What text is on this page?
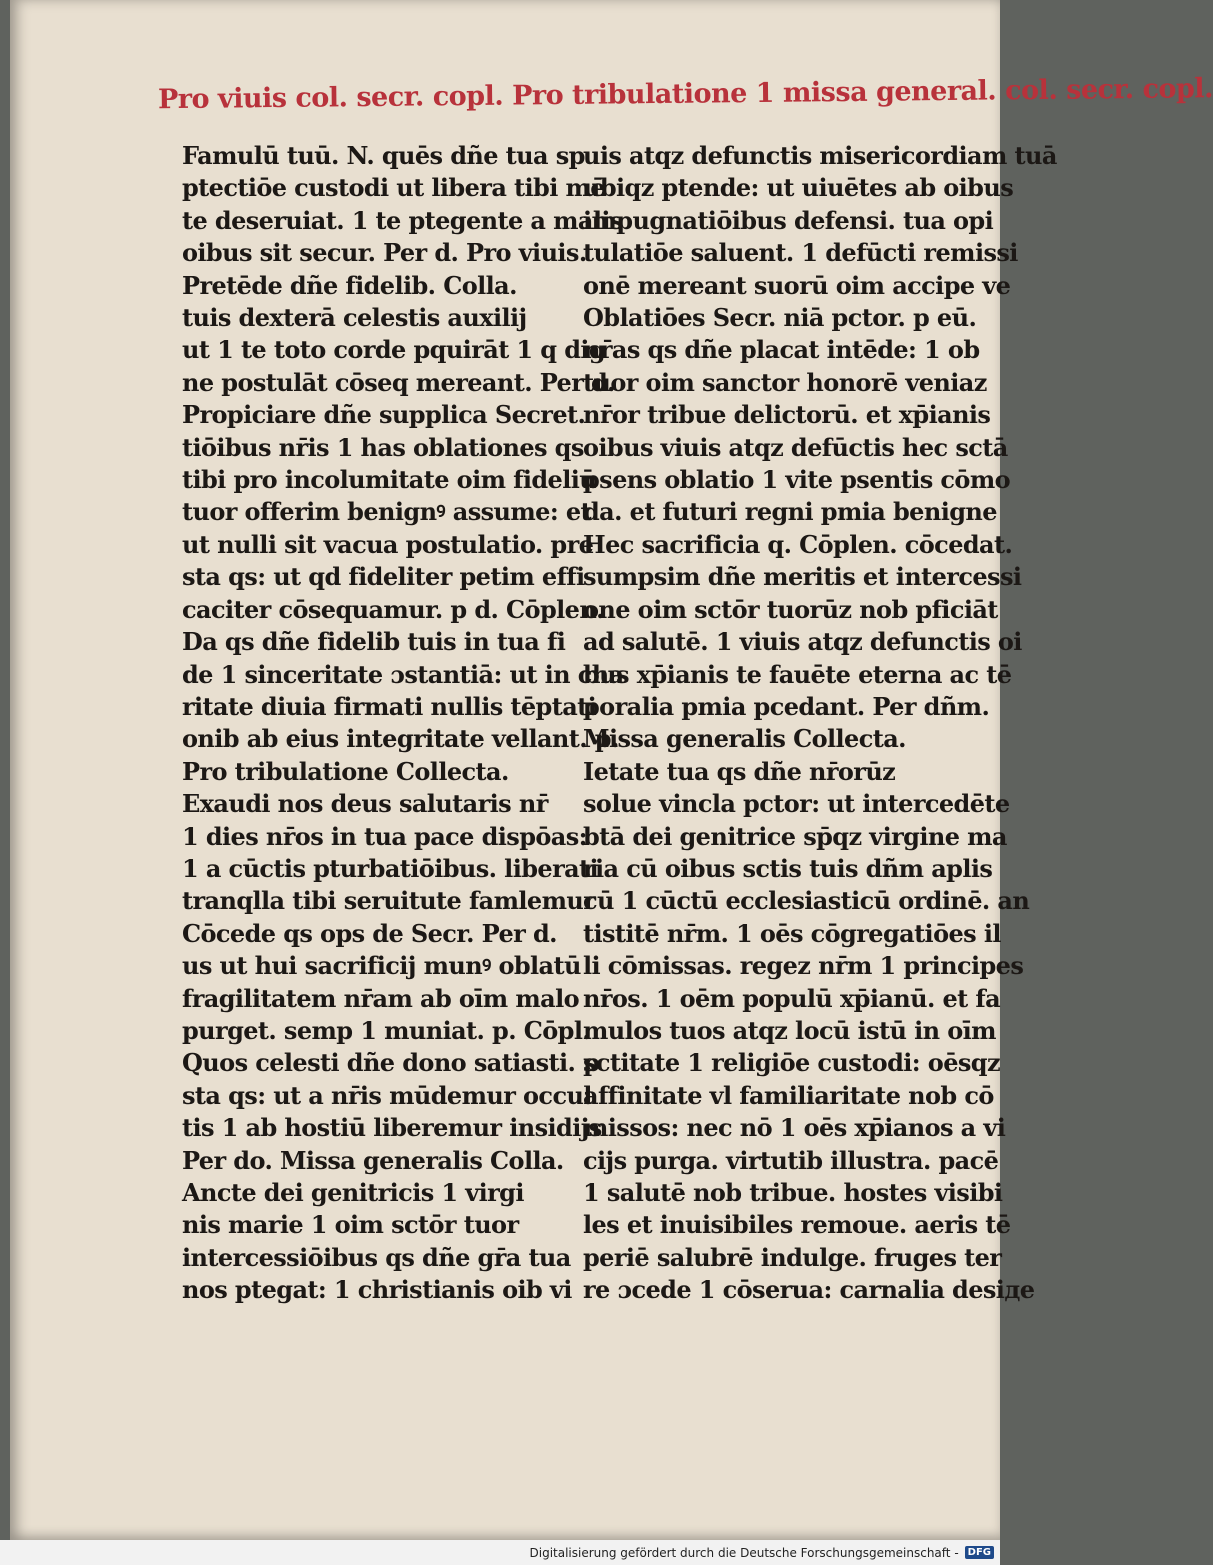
Pro viuis col. secr. copl. Pro tribulatione 1 missa general. col. secr. copl.
Famulū tuū. N. quēs dñe tua sp
ptectiōe custodi ut libera tibi mē
te deseruiat. 1 te ptegente a malis
oibus sit secur. Per d. Pro viuis.
Pretēde dñe fidelib. Colla.
tuis dexterā celestis auxilij
ut 1 te toto corde pquirāt 1 q dig
ne postulāt cōseq mereant. Per d.
Propiciare dñe supplica Secret.
tiōibus nr̄is 1 has oblationes qs
tibi pro incolumitate oim fideliū
tuor offerim benignꝰ assume: et
ut nulli sit vacua postulatio. pre
sta qs: ut qd fideliter petim effi
caciter cōsequamur. p d. Cōplen.
Da qs dñe fidelib tuis in tua fi
de 1 sinceritate ɔstantiā: ut in cha
ritate diuia firmati nullis tēptati
onib ab eius integritate vellant. p.
Pro tribulatione Collecta.
Exaudi nos deus salutaris nr̄
1 dies nr̄os in tua pace dispōas:
1 a cūctis pturbatiōibus. liberati
tranqlla tibi seruitute famlemur
Cōcede qs ops de Secr. Per d.
us ut hui sacrificij munꝰ oblatū
fragilitatem nr̄am ab oīm malo
purget. semp 1 muniat. p. Cōpl.
Quos celesti dñe dono satiasti. p
sta qs: ut a nr̄is mūdemur occul
tis 1 ab hostiū liberemur insidijs
Per do. Missa generalis Colla.
Ancte dei genitricis 1 virgi
nis marie 1 oim sctōr tuor
intercessiōibus qs dñe gr̄a tua
nos ptegat: 1 christianis oib vi
uis atqz defunctis misericordiam tuā
ubiqz ptende: ut uiuētes ab oibus
impugnatiōibus defensi. tua opi
tulatiōe saluent. 1 defūcti remissi
onē mereant suorū oim accipe ve
Oblatiōes Secr. niā pctor. p eū.
nr̄as qs dñe placat intēde: 1 ob
tuor oim sanctor honorē veniaz
nr̄or tribue delictorū. et xp̄ianis
oibus viuis atqz defūctis hec sctā
psens oblatio 1 vite psentis cōmo
da. et futuri regni pmia benigne
Hec sacrificia q. Cōplen. cōcedat.
sumpsim dñe meritis et intercessi
one oim sctōr tuorūz nob pficiāt
ad salutē. 1 viuis atqz defunctis oi
bus xp̄ianis te fauēte eterna ac tē
poralia pmia pcedant. Per dñm.
Missa generalis Collecta.
Ietate tua qs dñe nr̄orūz
solue vincla pctor: ut intercedēte
btā dei genitrice sp̄qz virgine ma
ria cū oibus sctis tuis dñm aplis
cū 1 cūctū ecclesiasticū ordinē. an
tistitē nr̄m. 1 oēs cōgregatiōes il
li cōmissas. regez nr̄m 1 principes
nr̄os. 1 oēm populū xp̄ianū. et fa
mulos tuos atqz locū istū in oīm
sctitate 1 religiōe custodi: oēsqz
affinitate vl familiaritate nob cō
missos: nec nō 1 oēs xp̄ianos a vi
cijs purga. virtutib illustra. pacē
1 salutē nob tribue. hostes visibi
les et inuisibiles remoue. aeris tē
periē salubrē indulge. fruges ter
re ɔcede 1 cōserua: carnalia desiде
Digitalisierung gefördert durch die Deutsche Forschungsgemeinschaft - DFG
